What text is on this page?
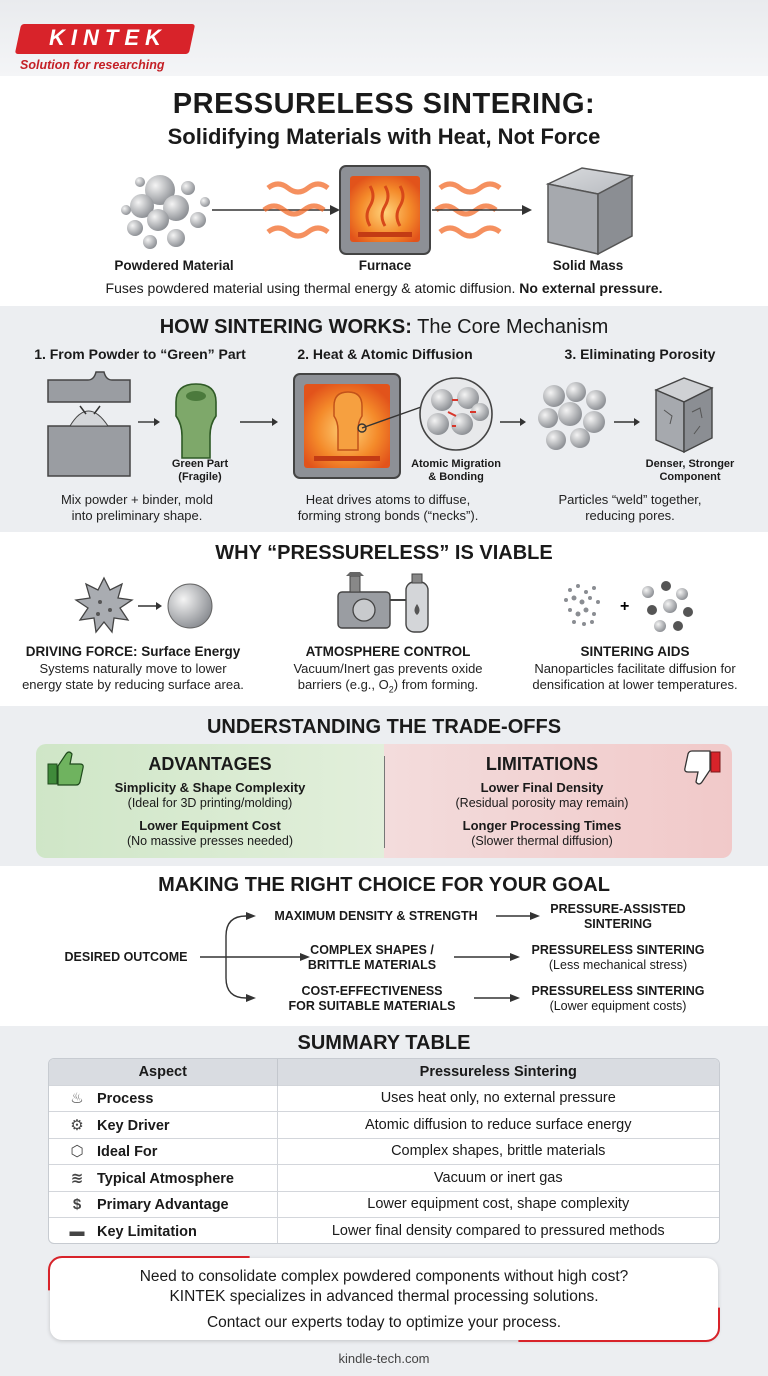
KINTEK
Solution for researching
PRESSURELESS SINTERING:
Solidifying Materials with Heat, Not Force
Powdered Material	Furnace	Solid Mass
Fuses powdered material using thermal energy & atomic diffusion. No external pressure.
HOW SINTERING WORKS: The Core Mechanism
1. From Powder to “Green” Part	2. Heat & Atomic Diffusion	3. Eliminating Porosity
Green Part
(Fragile)
Atomic Migration
& Bonding
Denser, Stronger
Component
Mix powder + binder, mold
into preliminary shape.
Heat drives atoms to diffuse,
forming strong bonds (“necks”).
Particles “weld” together,
reducing pores.
WHY “PRESSURELESS” IS VIABLE
+
DRIVING FORCE: Surface Energy
Systems naturally move to lower
energy state by reducing surface area.
ATMOSPHERE CONTROL
Vacuum/Inert gas prevents oxide
barriers (e.g., $O_2$) from forming.
SINTERING AIDS
Nanoparticles facilitate diffusion for
densification at lower temperatures.
UNDERSTANDING THE TRADE-OFFS
ADVANTAGES
Simplicity & Shape Complexity
(Ideal for 3D printing/molding)
Lower Equipment Cost
(No massive presses needed)
LIMITATIONS
Lower Final Density
(Residual porosity may remain)
Longer Processing Times
(Slower thermal diffusion)
MAKING THE RIGHT CHOICE FOR YOUR GOAL
DESIRED OUTCOME
MAXIMUM DENSITY & STRENGTH
COMPLEX SHAPES /
BRITTLE MATERIALS
COST-EFFECTIVENESS
FOR SUITABLE MATERIALS
PRESSURE-ASSISTED
SINTERING
PRESSURELESS SINTERING
(Less mechanical stress)
PRESSURELESS SINTERING
(Lower equipment costs)
SUMMARY TABLE
Aspect	Pressureless Sintering
♨ Process	Uses heat only, no external pressure
⚙ Key Driver	Atomic diffusion to reduce surface energy
⬡ Ideal For	Complex shapes, brittle materials
≋ Typical Atmosphere	Vacuum or inert gas
$ Primary Advantage	Lower equipment cost, shape complexity
▬ Key Limitation	Lower final density compared to pressured methods
Need to consolidate complex powdered components without high cost?
KINTEK specializes in advanced thermal processing solutions.
Contact our experts today to optimize your process.
kindle-tech.com
